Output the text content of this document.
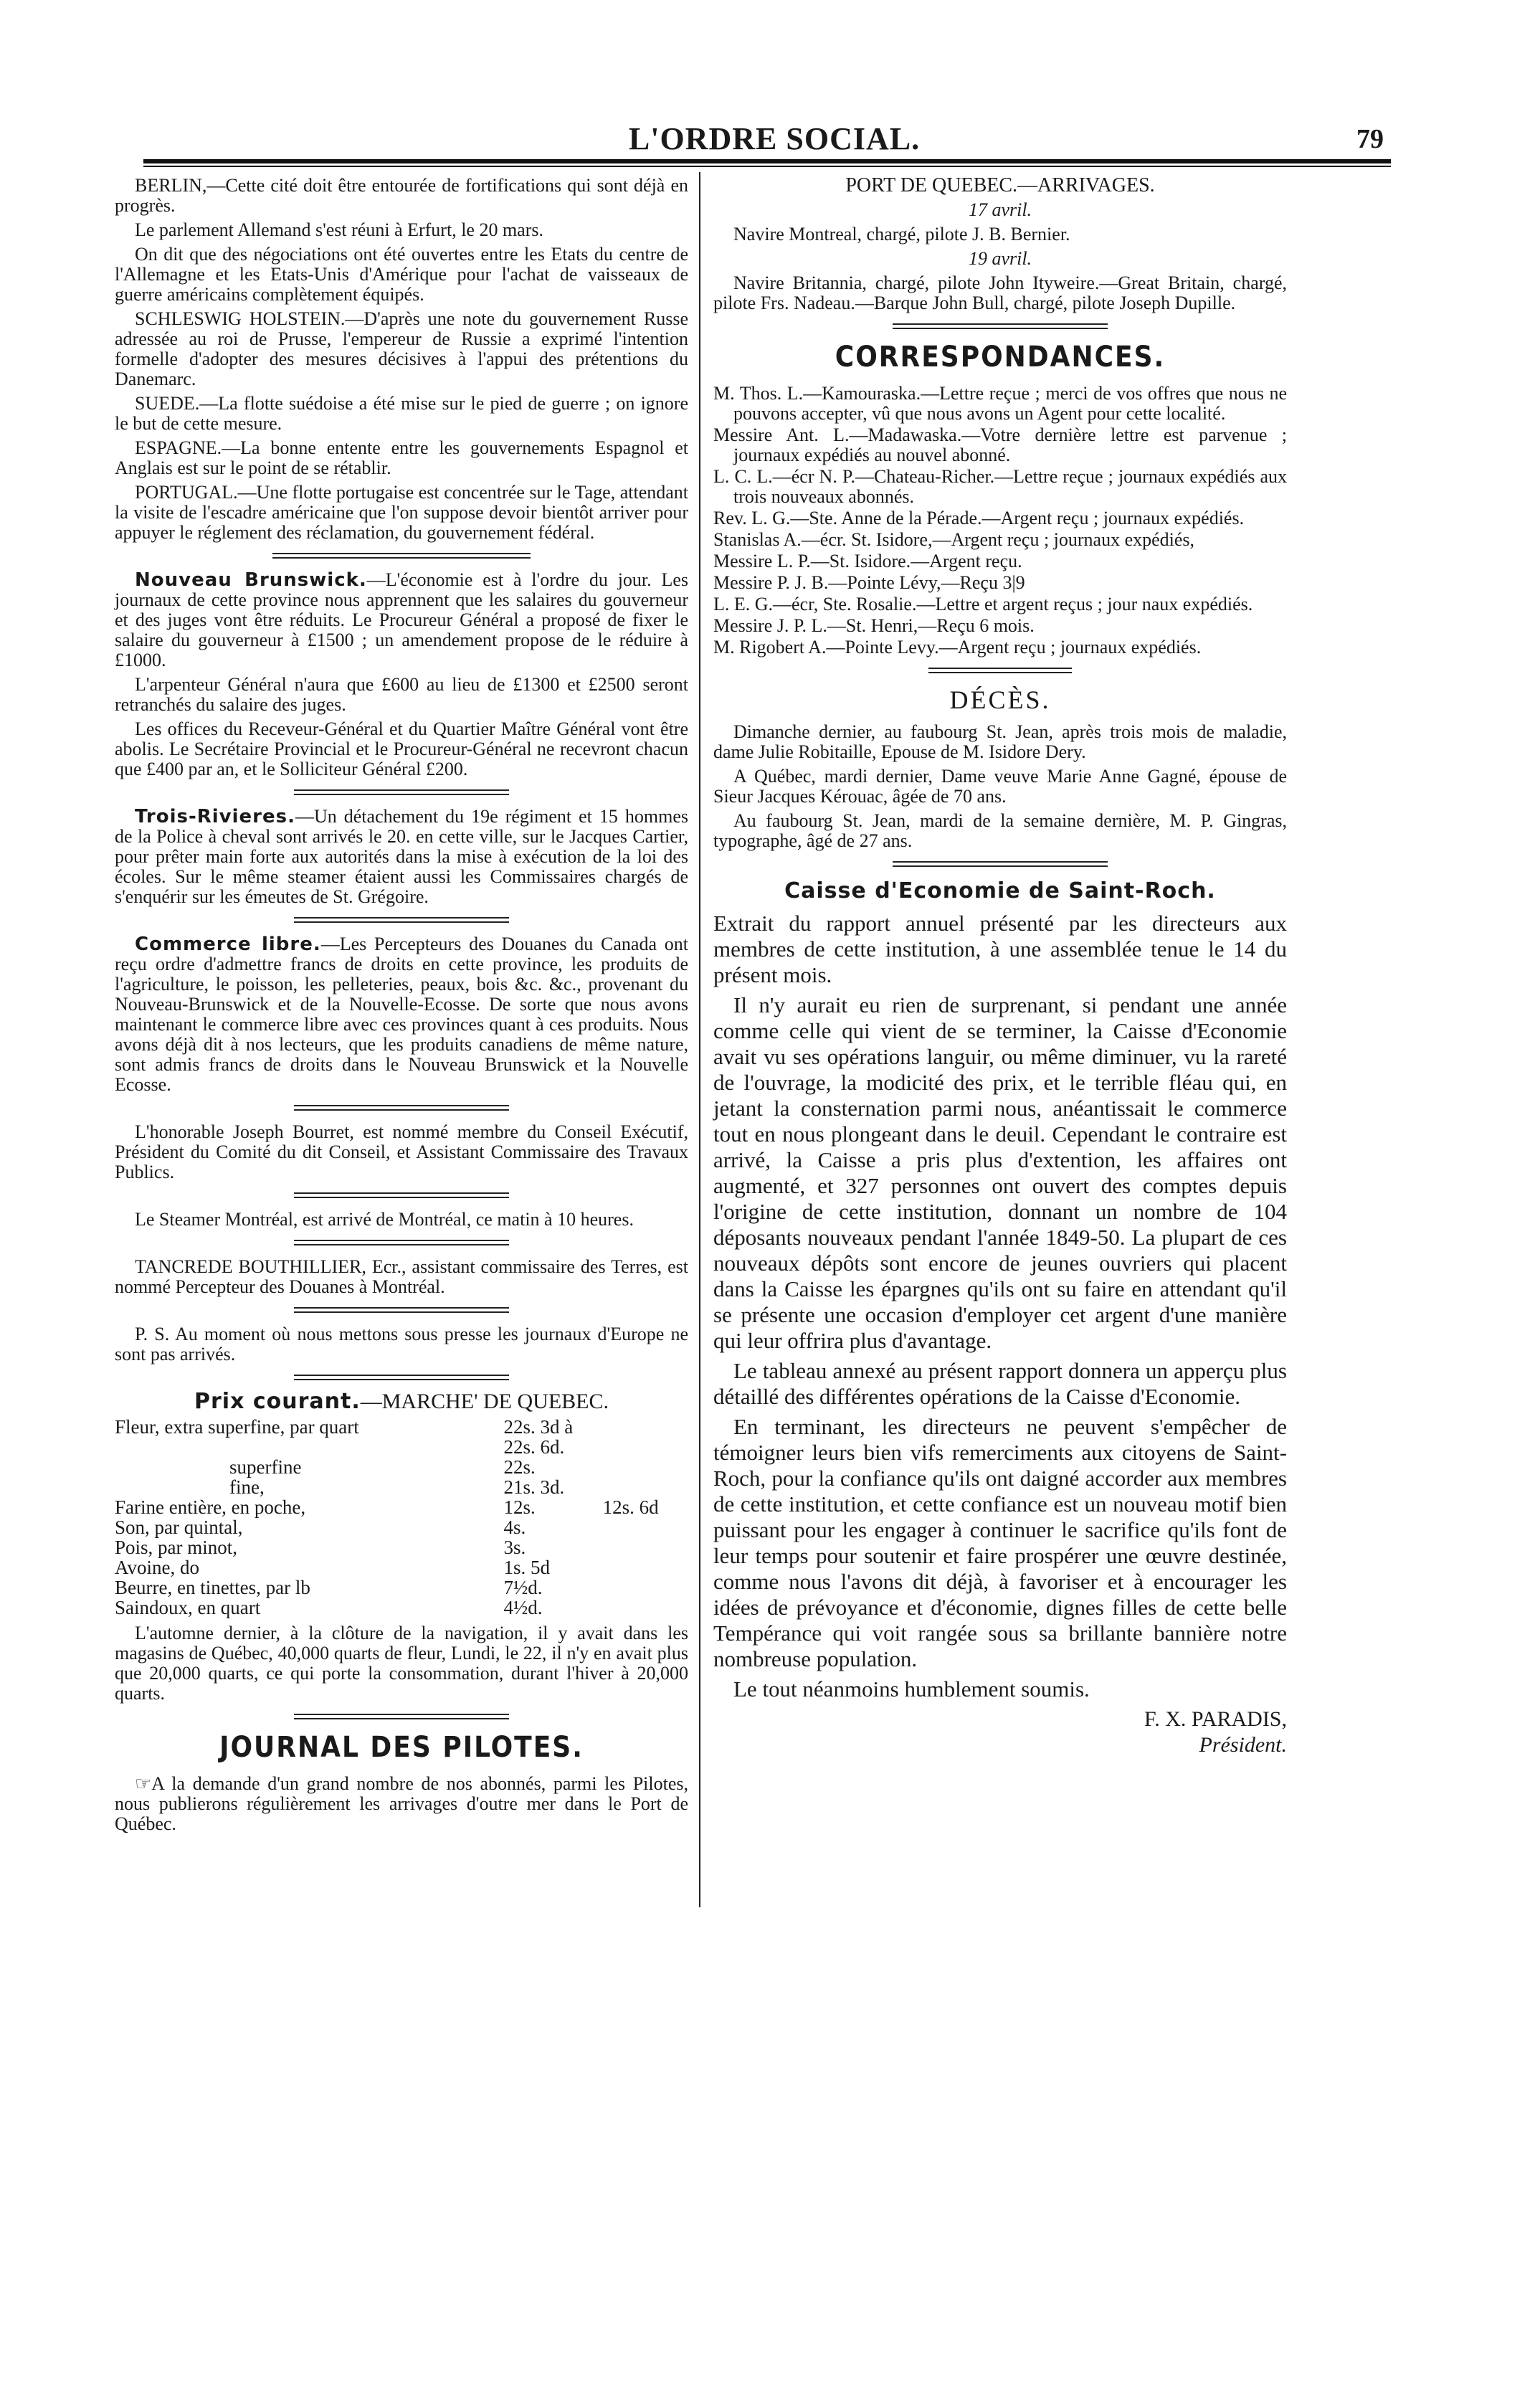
L'ORDRE SOCIAL.	79

BERLIN,—Cette cité doit être entourée de fortifications qui sont déjà en progrès.

Le parlement Allemand s'est réuni à Erfurt, le 20 mars.

On dit que des négociations ont été ouvertes entre les Etats du centre de l'Allemagne et les Etats-Unis d'Amérique pour l'achat de vaisseaux de guerre américains complètement équipés.

SCHLESWIG HOLSTEIN.—D'après une note du gouvernement Russe adressée au roi de Prusse, l'empereur de Russie a exprimé l'intention formelle d'adopter des mesures décisives à l'appui des prétentions du Danemarc.

SUEDE.—La flotte suédoise a été mise sur le pied de guerre ; on ignore le but de cette mesure.

ESPAGNE.—La bonne entente entre les gouvernements Espagnol et Anglais est sur le point de se rétablir.

PORTUGAL.—Une flotte portugaise est concentrée sur le Tage, attendant la visite de l'escadre américaine que l'on suppose devoir bientôt arriver pour appuyer le réglement des réclamation, du gouvernement fédéral.

Nouveau Brunswick.—L'économie est à l'ordre du jour. Les journaux de cette province nous apprennent que les salaires du gouverneur et des juges vont être réduits. Le Procureur Général a proposé de fixer le salaire du gouverneur à £1500 ; un amendement propose de le réduire à £1000.

L'arpenteur Général n'aura que £600 au lieu de £1300 et £2500 seront retranchés du salaire des juges.

Les offices du Receveur-Général et du Quartier Maître Général vont être abolis. Le Secrétaire Provincial et le Procureur-Général ne recevront chacun que £400 par an, et le Solliciteur Général £200.

Trois-Rivieres.—Un détachement du 19e régiment et 15 hommes de la Police à cheval sont arrivés le 20. en cette ville, sur le Jacques Cartier, pour prêter main forte aux autorités dans la mise à exécution de la loi des écoles. Sur le même steamer étaient aussi les Commissaires chargés de s'enquérir sur les émeutes de St. Grégoire.

Commerce libre.—Les Percepteurs des Douanes du Canada ont reçu ordre d'admettre francs de droits en cette province, les produits de l'agriculture, le poisson, les pelleteries, peaux, bois &c. &c., provenant du Nouveau-Brunswick et de la Nouvelle-Ecosse. De sorte que nous avons maintenant le commerce libre avec ces provinces quant à ces produits. Nous avons déjà dit à nos lecteurs, que les produits canadiens de même nature, sont admis francs de droits dans le Nouveau Brunswick et la Nouvelle Ecosse.

L'honorable Joseph Bourret, est nommé membre du Conseil Exécutif, Président du Comité du dit Conseil, et Assistant Commissaire des Travaux Publics.

Le Steamer Montréal, est arrivé de Montréal, ce matin à 10 heures.

TANCREDE BOUTHILLIER, Ecr., assistant commissaire des Terres, est nommé Percepteur des Douanes à Montréal.

P. S. Au moment où nous mettons sous presse les journaux d'Europe ne sont pas arrivés.

Prix courant.—MARCHE' DE QUEBEC.

Fleur, extra superfine, par quart	22s. 3d à 22s. 6d.	
superfine	22s.	
fine,	21s. 3d.	
Farine entière, en poche,	12s.	12s. 6d
Son, par quintal,	4s.	
Pois, par minot,	3s.	
Avoine, do	1s. 5d	
Beurre, en tinettes, par lb	7½d.	
Saindoux, en quart	4½d.	

L'automne dernier, à la clôture de la navigation, il y avait dans les magasins de Québec, 40,000 quarts de fleur, Lundi, le 22, il n'y en avait plus que 20,000 quarts, ce qui porte la consommation, durant l'hiver à 20,000 quarts.

JOURNAL DES PILOTES.

☞A la demande d'un grand nombre de nos abonnés, parmi les Pilotes, nous publierons régulièrement les arrivages d'outre mer dans le Port de Québec.

PORT DE QUEBEC.—ARRIVAGES.

17 avril.

Navire Montreal, chargé, pilote J. B. Bernier.

19 avril.

Navire Britannia, chargé, pilote John Ityweire.—Great Britain, chargé, pilote Frs. Nadeau.—Barque John Bull, chargé, pilote Joseph Dupille.

CORRESPONDANCES.

M. Thos. L.—Kamouraska.—Lettre reçue ; merci de vos offres que nous ne pouvons accepter, vû que nous avons un Agent pour cette localité.

Messire Ant. L.—Madawaska.—Votre dernière lettre est parvenue ; journaux expédiés au nouvel abonné.

L. C. L.—écr N. P.—Chateau-Richer.—Lettre reçue ; journaux expédiés aux trois nouveaux abonnés.

Rev. L. G.—Ste. Anne de la Pérade.—Argent reçu ; journaux expédiés.

Stanislas A.—écr. St. Isidore,—Argent reçu ; journaux expédiés,

Messire L. P.—St. Isidore.—Argent reçu.

Messire P. J. B.—Pointe Lévy,—Reçu 3|9

L. E. G.—écr, Ste. Rosalie.—Lettre et argent reçus ; jour naux expédiés.

Messire J. P. L.—St. Henri,—Reçu 6 mois.

M. Rigobert A.—Pointe Levy.—Argent reçu ; journaux expédiés.

DÉCÈS.

Dimanche dernier, au faubourg St. Jean, après trois mois de maladie, dame Julie Robitaille, Epouse de M. Isidore Dery.

A Québec, mardi dernier, Dame veuve Marie Anne Gagné, épouse de Sieur Jacques Kérouac, âgée de 70 ans.

Au faubourg St. Jean, mardi de la semaine dernière, M. P. Gingras, typographe, âgé de 27 ans.

Caisse d'Economie de Saint-Roch.

Extrait du rapport annuel présenté par les directeurs aux membres de cette institution, à une assemblée tenue le 14 du présent mois.

Il n'y aurait eu rien de surprenant, si pendant une année comme celle qui vient de se terminer, la Caisse d'Economie avait vu ses opérations languir, ou même diminuer, vu la rareté de l'ouvrage, la modicité des prix, et le terrible fléau qui, en jetant la consternation parmi nous, anéantissait le commerce tout en nous plongeant dans le deuil. Cependant le contraire est arrivé, la Caisse a pris plus d'extention, les affaires ont augmenté, et 327 personnes ont ouvert des comptes depuis l'origine de cette institution, donnant un nombre de 104 déposants nouveaux pendant l'année 1849-50. La plupart de ces nouveaux dépôts sont encore de jeunes ouvriers qui placent dans la Caisse les épargnes qu'ils ont su faire en attendant qu'il se présente une occasion d'employer cet argent d'une manière qui leur offrira plus d'avantage.

Le tableau annexé au présent rapport donnera un apperçu plus détaillé des différentes opérations de la Caisse d'Economie.

En terminant, les directeurs ne peuvent s'empêcher de témoigner leurs bien vifs remerciments aux citoyens de Saint-Roch, pour la confiance qu'ils ont daigné accorder aux membres de cette institution, et cette confiance est un nouveau motif bien puissant pour les engager à continuer le sacrifice qu'ils font de leur temps pour soutenir et faire prospérer une œuvre destinée, comme nous l'avons dit déjà, à favoriser et à encourager les idées de prévoyance et d'économie, dignes filles de cette belle Tempérance qui voit rangée sous sa brillante bannière notre nombreuse population.

Le tout néanmoins humblement soumis.

F. X. PARADIS,
Président.
